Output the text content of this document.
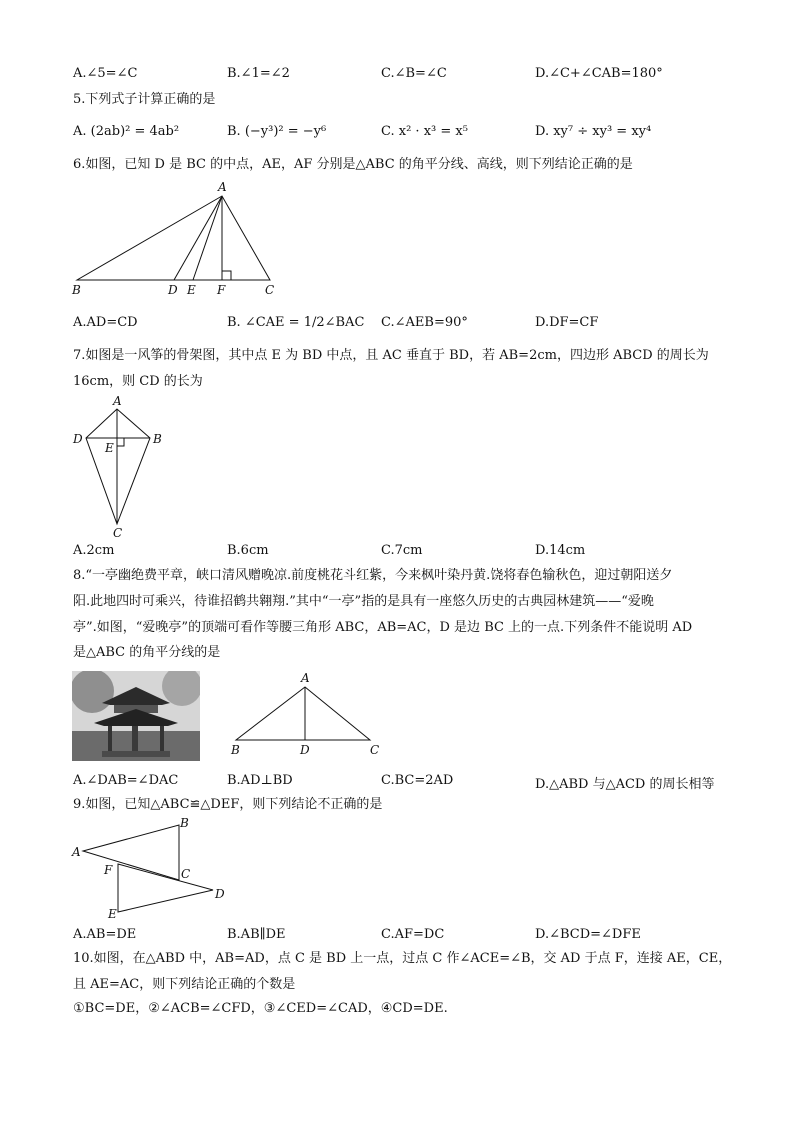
A.∠5=∠C	B.∠1=∠2	C.∠B=∠C	D.∠C+∠CAB=180°
5.下列式子计算正确的是
A. (2ab)² = 4ab²	B. (−y³)² = −y⁶	C. x² · x³ = x⁵	D. xy⁷ ÷ xy³ = xy⁴
6.如图，已知 D 是 BC 的中点，AE，AF 分别是△ABC 的角平分线、高线，则下列结论正确的是
A
B	D E F	C
A.AD=CD	B. ∠CAE = 1/2∠BAC C.∠AEB=90°	D.DF=CF
7.如图是一风筝的骨架图，其中点 E 为 BD 中点，且 AC 垂直于 BD，若 AB=2cm，四边形 ABCD 的周长为
16cm，则 CD 的长为
A
D	B
E
C
A.2cm	B.6cm	C.7cm	D.14cm
8.“一亭幽绝费平章，峡口清风赠晚凉.前度桃花斗红紫，今来枫叶染丹黄.饶将春色输秋色，迎过朝阳送夕
阳.此地四时可乘兴，待谁招鹤共翱翔.”其中“一亭”指的是具有一座悠久历史的古典园林建筑——“爱晚
亭”.如图，“爱晚亭”的顶端可看作等腰三角形 ABC，AB=AC，D 是边 BC 上的一点.下列条件不能说明 AD
是△ABC 的角平分线的是
A
B	D	C
A.∠DAB=∠DAC	B.AD⊥BD	C.BC=2AD	D.△ABD 与△ACD 的周长相等
9.如图，已知△ABC≌△DEF，则下列结论不正确的是
A
B
F	C
D
E
A.AB=DE	B.AB∥DE	C.AF=DC	D.∠BCD=∠DFE
10.如图，在△ABD 中，AB=AD，点 C 是 BD 上一点，过点 C 作∠ACE=∠B，交 AD 于点 F，连接 AE，CE，
且 AE=AC，则下列结论正确的个数是
①BC=DE，②∠ACB=∠CFD，③∠CED=∠CAD，④CD=DE.
